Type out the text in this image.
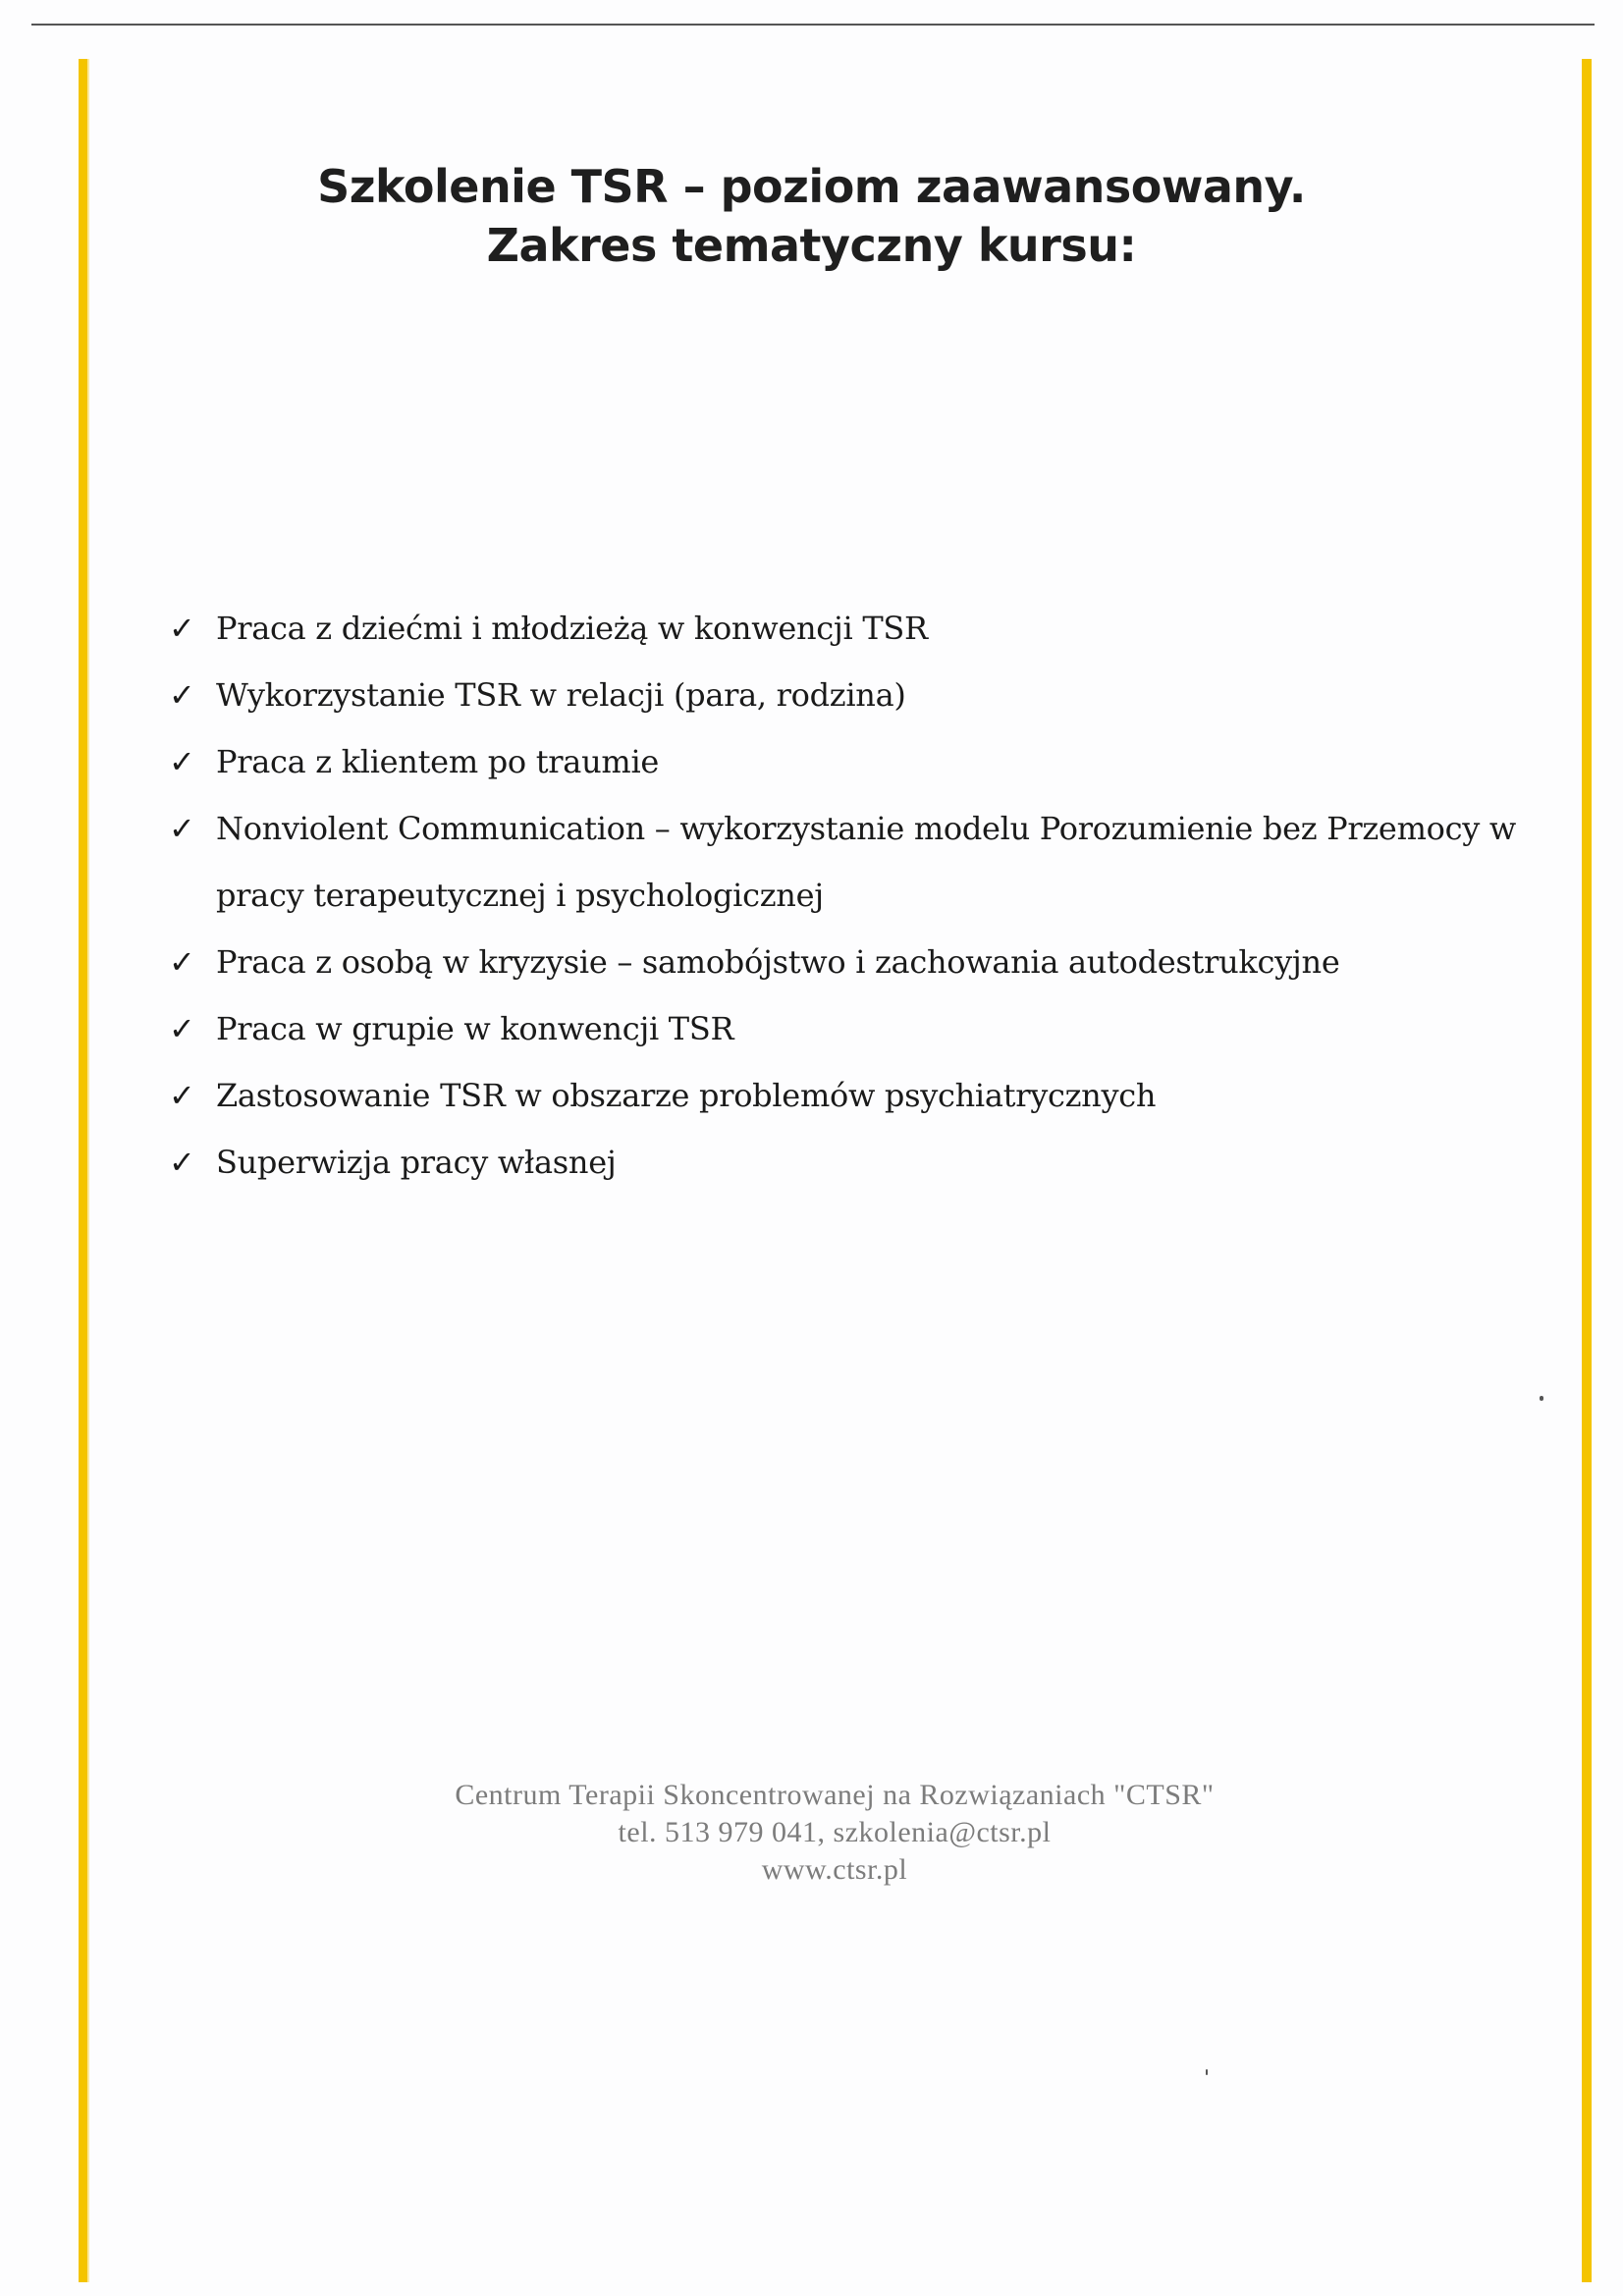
Szkolenie TSR – poziom zaawansowany.
Zakres tematyczny kursu:
✓ Praca z dziećmi i młodzieżą w konwencji TSR
✓ Wykorzystanie TSR w relacji (para, rodzina)
✓ Praca z klientem po traumie
✓ Nonviolent Communication – wykorzystanie modelu Porozumienie bez Przemocy w pracy terapeutycznej i psychologicznej
✓ Praca z osobą w kryzysie – samobójstwo i zachowania autodestrukcyjne
✓ Praca w grupie w konwencji TSR
✓ Zastosowanie TSR w obszarze problemów psychiatrycznych
✓ Superwizja pracy własnej
Centrum Terapii Skoncentrowanej na Rozwiązaniach "CTSR"
tel. 513 979 041, szkolenia@ctsr.pl
www.ctsr.pl
